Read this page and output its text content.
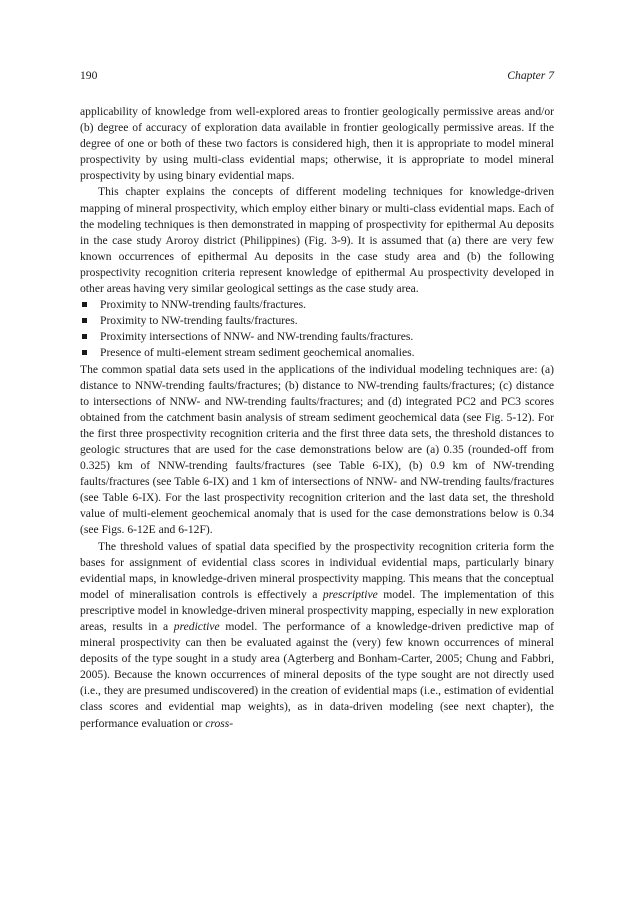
190	Chapter 7

applicability of knowledge from well-explored areas to frontier geologically permissive areas and/or (b) degree of accuracy of exploration data available in frontier geologically permissive areas. If the degree of one or both of these two factors is considered high, then it is appropriate to model mineral prospectivity by using multi-class evidential maps; otherwise, it is appropriate to model mineral prospectivity by using binary evidential maps.

This chapter explains the concepts of different modeling techniques for knowledge-driven mapping of mineral prospectivity, which employ either binary or multi-class evidential maps. Each of the modeling techniques is then demonstrated in mapping of prospectivity for epithermal Au deposits in the case study Aroroy district (Philippines) (Fig. 3-9). It is assumed that (a) there are very few known occurrences of epithermal Au deposits in the case study area and (b) the following prospectivity recognition criteria represent knowledge of epithermal Au prospectivity developed in other areas having very similar geological settings as the case study area.

Proximity to NNW-trending faults/fractures.
Proximity to NW-trending faults/fractures.
Proximity intersections of NNW- and NW-trending faults/fractures.
Presence of multi-element stream sediment geochemical anomalies.

The common spatial data sets used in the applications of the individual modeling techniques are: (a) distance to NNW-trending faults/fractures; (b) distance to NW-trending faults/fractures; (c) distance to intersections of NNW- and NW-trending faults/fractures; and (d) integrated PC2 and PC3 scores obtained from the catchment basin analysis of stream sediment geochemical data (see Fig. 5-12). For the first three prospectivity recognition criteria and the first three data sets, the threshold distances to geologic structures that are used for the case demonstrations below are (a) 0.35 (rounded-off from 0.325) km of NNW-trending faults/fractures (see Table 6-IX), (b) 0.9 km of NW-trending faults/fractures (see Table 6-IX) and 1 km of intersections of NNW- and NW-trending faults/fractures (see Table 6-IX). For the last prospectivity recognition criterion and the last data set, the threshold value of multi-element geochemical anomaly that is used for the case demonstrations below is 0.34 (see Figs. 6-12E and 6-12F).

The threshold values of spatial data specified by the prospectivity recognition criteria form the bases for assignment of evidential class scores in individual evidential maps, particularly binary evidential maps, in knowledge-driven mineral prospectivity mapping. This means that the conceptual model of mineralisation controls is effectively a prescriptive model. The implementation of this prescriptive model in knowledge-driven mineral prospectivity mapping, especially in new exploration areas, results in a predictive model. The performance of a knowledge-driven predictive map of mineral prospectivity can then be evaluated against the (very) few known occurrences of mineral deposits of the type sought in a study area (Agterberg and Bonham-Carter, 2005; Chung and Fabbri, 2005). Because the known occurrences of mineral deposits of the type sought are not directly used (i.e., they are presumed undiscovered) in the creation of evidential maps (i.e., estimation of evidential class scores and evidential map weights), as in data-driven modeling (see next chapter), the performance evaluation or cross-
